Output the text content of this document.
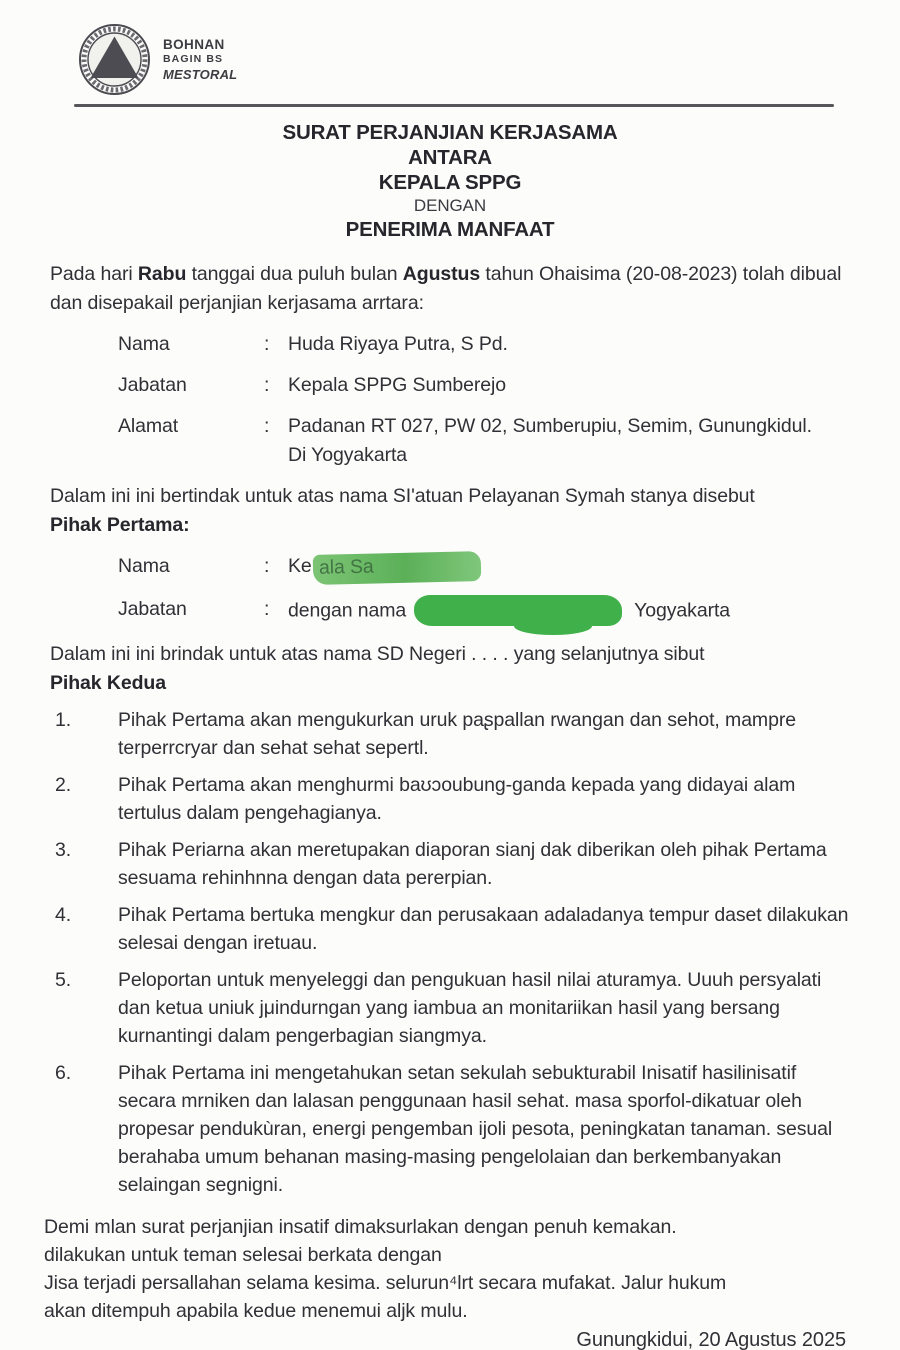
BOHNAN
BAGIN BS
MESTORAL
SURAT PERJANJIAN KERJASAMA
ANTARA
KEPALA SPPG
DENGAN
PENERIMA MANFAAT
Pada hari Rabu tanggai dua puluh bulan Agustus tahun Ohaisima (20-08-2023) tolah dibual dan disepakail perjanjian kerjasama arrtara:
Nama	: Huda Riyaya Putra, S Pd.
Jabatan	: Kepala SPPG Sumberejo
Alamat	: Padanan RT 027, PW 02, Sumberupiu, Semim, Gunungkidul.
Di Yogyakarta
Dalam ini ini bertindak untuk atas nama SI'atuan Pelayanan Symah stanya disebut
Pihak Pertama:
Nama	: Ke ala Sa
Jabatan	: dengan nama	Yogyakarta
Dalam ini ini brindak untuk atas nama SD Negeri . . . . yang selanjutnya sibut
Pihak Kedua
1.	Pihak Pertama akan mengukurkan uruk paʂpallan rwangan dan sehot, mampre terperrcryar dan sehat sehat sepertl.
2.	Pihak Pertama akan menghurmi baʊɔoubung-ganda kepada yang didayai alam tertulus dalam pengehagianya.
3.	Pihak Periarna akan meretupakan diaporan sianj dak diberikan oleh pihak Pertama sesuama rehinhnna dengan data pererpian.
4.	Pihak Pertama bertuka mengkur dan perusakaan adaladanya tempur daset dilakukan selesai dengan iretuau.
5.	Peloportan untuk menyeleggi dan pengukuan hasil nilai aturamya. Uuuh persyalati dan ketua uniuk jμindurngan yang iambua an monitariikan hasil yang bersang kurnantingi dalam pengerbagian siangmya.
6.	Pihak Pertama ini mengetahukan setan sekulah sebukturabil Inisatif hasilinisatif secara mrniken dan lalasan penggunaan hasil sehat. masa sporfol-dikatuar oleh propesar pendukùran, energi pengemban ijoli pesota, peningkatan tanaman. sesual berahaba umum behanan masing-masing pengelolaian dan berkembanyakan selaingan segnigni.
Demi mlan surat perjanjian insatif dimaksurlakan dengan penuh kemakan.
dilakukan untuk teman selesai berkata dengan
Jisa terjadi persallahan selama kesima. selurun⁴lrt secara mufakat. Jalur hukum
akan ditempuh apabila kedue menemui aljk mulu.
Gunungkidui, 20 Agustus 2025
